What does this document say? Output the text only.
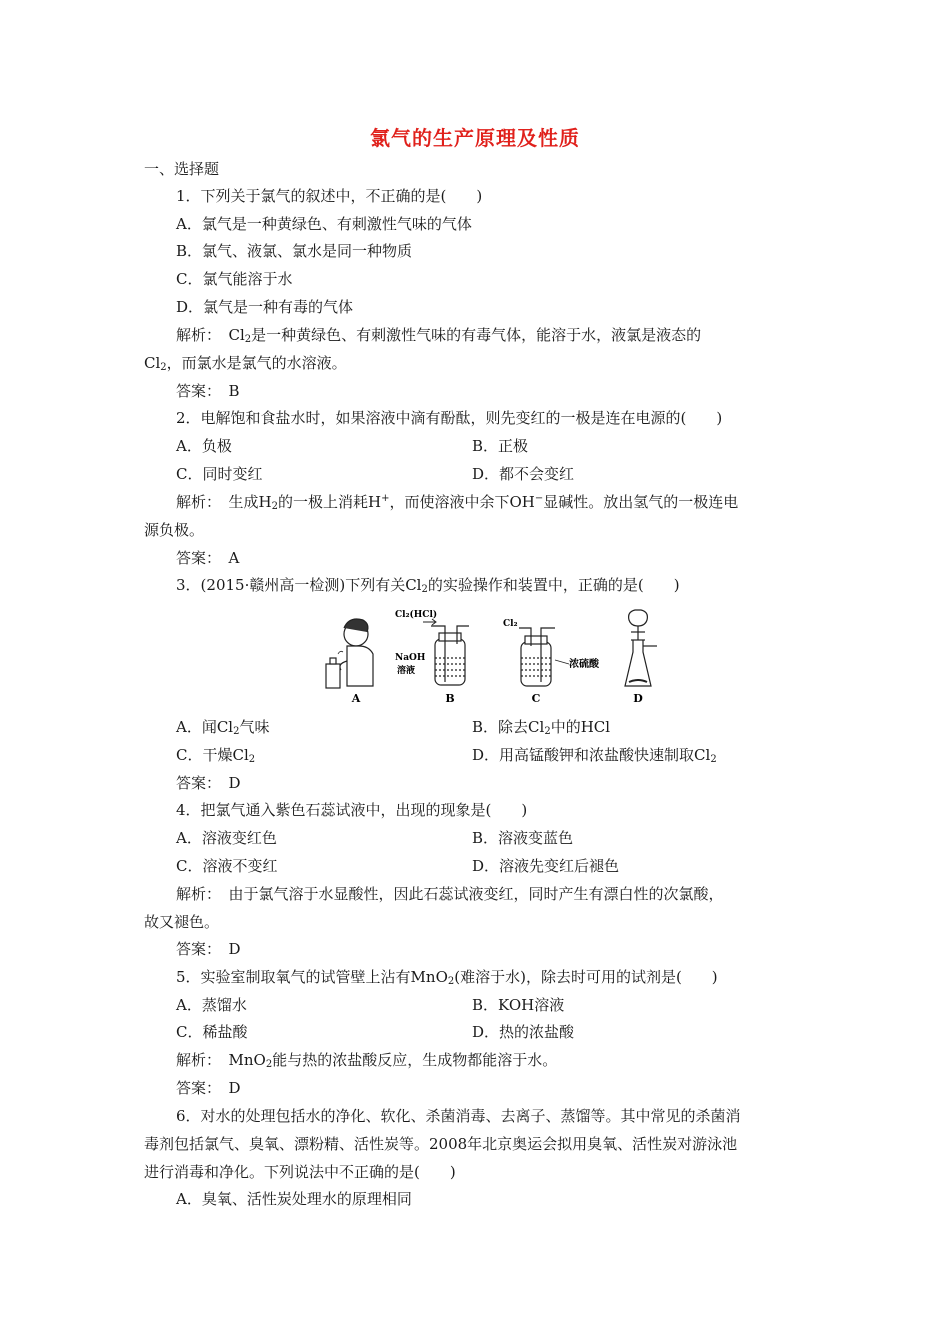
氯气的生产原理及性质
一、选择题
1．下列关于氯气的叙述中，不正确的是(　　)
A．氯气是一种黄绿色、有刺激性气味的气体
B．氯气、液氯、氯水是同一种物质
C．氯气能溶于水
D．氯气是一种有毒的气体
解析：　$Cl_2$是一种黄绿色、有刺激性气味的有毒气体，能溶于水，液氯是液态的
$Cl_2$，而氯水是氯气的水溶液。
答案：　B
2．电解饱和食盐水时，如果溶液中滴有酚酞，则先变红的一极是连在电源的(　　)
A．负极	B．正极
C．同时变红	D．都不会变红
解析：　生成$H_2$的一极上消耗H+，而使溶液中余下OH−显碱性。放出氢气的一极连电
源负极。
答案：　A
3．(2015·赣州高一检测)下列有关$Cl_2$的实验操作和装置中，正确的是(　　)
A
Cl₂(HCl)
NaOH
溶液
B
Cl₂
浓硫酸
C	D
A．闻$Cl_2$气味	B．除去$Cl_2$中的HCl
C．干燥$Cl_2$	D．用高锰酸钾和浓盐酸快速制取$Cl_2$
答案：　D
4．把氯气通入紫色石蕊试液中，出现的现象是(　　)
A．溶液变红色	B．溶液变蓝色
C．溶液不变红	D．溶液先变红后褪色
解析：　由于氯气溶于水显酸性，因此石蕊试液变红，同时产生有漂白性的次氯酸，
故又褪色。
答案：　D
5．实验室制取氧气的试管壁上沾有MnO$_2$(难溶于水)，除去时可用的试剂是(　　)
A．蒸馏水	B．KOH溶液
C．稀盐酸	D．热的浓盐酸
解析：　MnO$_2$能与热的浓盐酸反应，生成物都能溶于水。
答案：　D
6．对水的处理包括水的净化、软化、杀菌消毒、去离子、蒸馏等。其中常见的杀菌消
毒剂包括氯气、臭氧、漂粉精、活性炭等。2008年北京奥运会拟用臭氧、活性炭对游泳池
进行消毒和净化。下列说法中不正确的是(　　)
A．臭氧、活性炭处理水的原理相同
